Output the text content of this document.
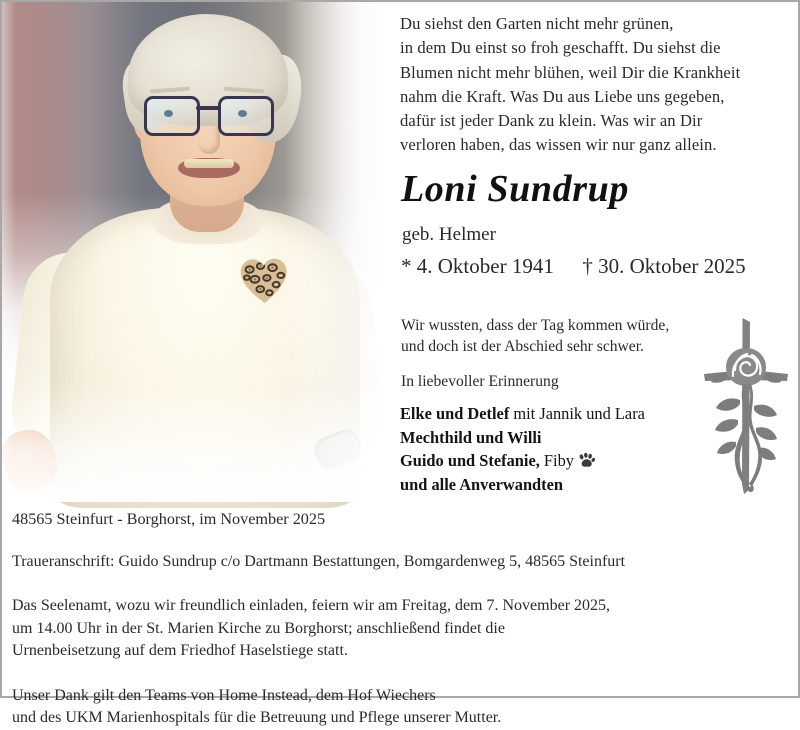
Du siehst den Garten nicht mehr grünen,
in dem Du einst so froh geschafft. Du siehst die
Blumen nicht mehr blühen, weil Dir die Krankheit
nahm die Kraft. Was Du aus Liebe uns gegeben,
dafür ist jeder Dank zu klein. Was wir an Dir
verloren haben, das wissen wir nur ganz allein.
Loni Sundrup
geb. Helmer
* 4. Oktober 1941 † 30. Oktober 2025
Wir wussten, dass der Tag kommen würde,
und doch ist der Abschied sehr schwer.
In liebevoller Erinnerung
Elke und Detlef mit Jannik und Lara
Mechthild und Willi
Guido und Stefanie, Fiby
und alle Anverwandten
48565 Steinfurt - Borghorst, im November 2025
Traueranschrift: Guido Sundrup c/o Dartmann Bestattungen, Bomgardenweg 5, 48565 Steinfurt
Das Seelenamt, wozu wir freundlich einladen, feiern wir am Freitag, dem 7. November 2025,
um 14.00 Uhr in der St. Marien Kirche zu Borghorst; anschließend findet die
Urnenbeisetzung auf dem Friedhof Haselstiege statt.
Unser Dank gilt den Teams von Home Instead, dem Hof Wiechers
und des UKM Marienhospitals für die Betreuung und Pflege unserer Mutter.
